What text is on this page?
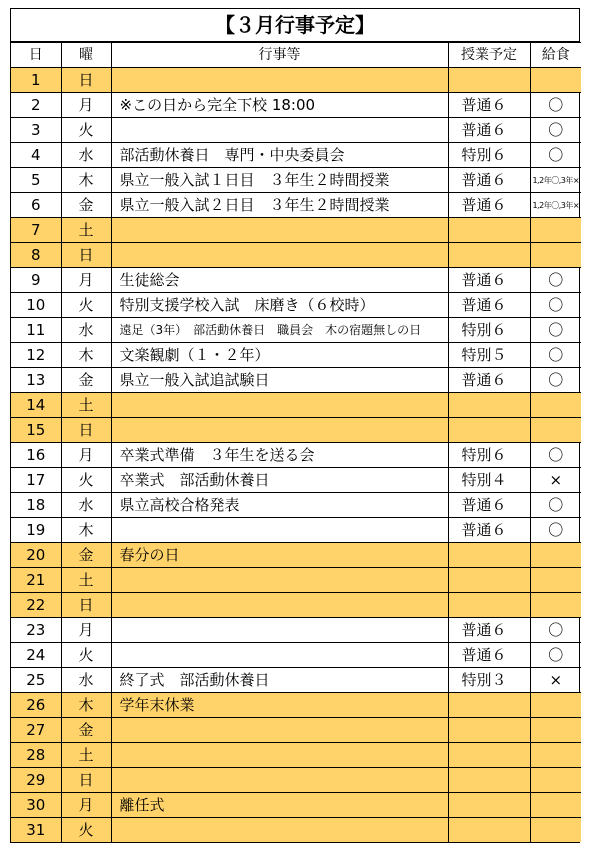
【３月行事予定】
日	曜	行事等	授業予定	給食
1	日			
2	月	※この日から完全下校 18:00	普通６	〇
3	火		普通６	〇
4	水	部活動休養日　専門・中央委員会	特別６	〇
5	木	県立一般入試１日目　３年生２時間授業	普通６	1,2年〇,3年×
6	金	県立一般入試２日目　３年生２時間授業	普通６	1,2年〇,3年×
7	土			
8	日			
9	月	生徒総会	普通６	〇
10	火	特別支援学校入試　床磨き（６校時）	普通６	〇
11	水	遠足（3年）　部活動休養日　職員会　木の宿題無しの日	特別６	〇
12	木	文楽観劇（１・２年）	特別５	〇
13	金	県立一般入試追試験日	普通６	〇
14	土			
15	日			
16	月	卒業式準備　３年生を送る会	特別６	〇
17	火	卒業式　部活動休養日	特別４	×
18	水	県立高校合格発表	普通６	〇
19	木		普通６	〇
20	金	春分の日		
21	土			
22	日			
23	月		普通６	〇
24	火		普通６	〇
25	水	終了式　部活動休養日	特別３	×
26	木	学年末休業		
27	金			
28	土			
29	日			
30	月	離任式		
31	火			
